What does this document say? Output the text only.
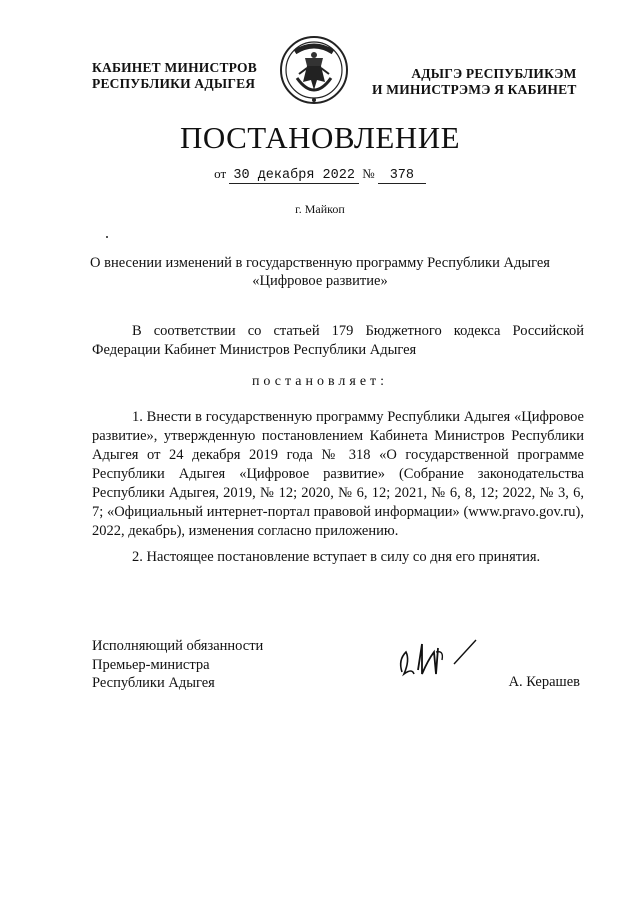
КАБИНЕТ МИНИСТРОВ
РЕСПУБЛИКИ АДЫГЕЯ
АДЫГЭ РЕСПУБЛИКЭМ
И МИНИСТРЭМЭ Я КАБИНЕТ
ПОСТАНОВЛЕНИЕ
от 30 декабря 2022 № 378
г. Майкоп
О внесении изменений в государственную программу Республики Адыгея
«Цифровое развитие»
В соответствии со статьей 179 Бюджетного кодекса Российской Федерации Кабинет Министров Республики Адыгея
постановляет:
1. Внести в государственную программу Республики Адыгея «Цифровое развитие», утвержденную постановлением Кабинета Министров Республики Адыгея от 24 декабря 2019 года № 318 «О государственной программе Республики Адыгея «Цифровое развитие» (Собрание законодательства Республики Адыгея, 2019, № 12; 2020, № 6, 12; 2021, № 6, 8, 12; 2022, № 3, 6, 7; «Официальный интернет-портал правовой информации» (www.pravo.gov.ru), 2022, декабрь), изменения согласно приложению.
2. Настоящее постановление вступает в силу со дня его принятия.
Исполняющий обязанности
Премьер-министра
Республики Адыгея	А. Керашев
